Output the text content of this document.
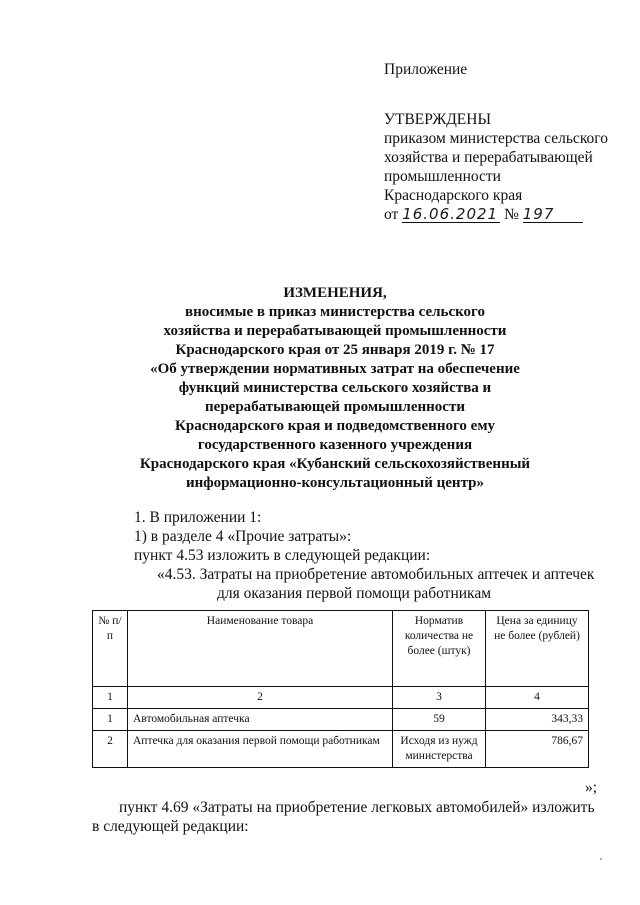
Приложение
УТВЕРЖДЕНЫ
приказом министерства сельского
хозяйства и перерабатывающей
промышленности
Краснодарского края
от 16.06.2021 № 197
ИЗМЕНЕНИЯ,
вносимые в приказ министерства сельского
хозяйства и перерабатывающей промышленности
Краснодарского края от 25 января 2019 г. № 17
«Об утверждении нормативных затрат на обеспечение
функций министерства сельского хозяйства и
перерабатывающей промышленности
Краснодарского края и подведомственного ему
государственного казенного учреждения
Краснодарского края «Кубанский сельскохозяйственный
информационно-консультационный центр»
1. В приложении 1:
1) в разделе 4 «Прочие затраты»:
пункт 4.53 изложить в следующей редакции:
«4.53. Затраты на приобретение автомобильных аптечек и аптечек
для оказания первой помощи работникам
№ п/п	Наименование товара	Норматив количества не более (штук)	Цена за единицу не более (рублей)
1	2	3	4
1	Автомобильная аптечка	59	343,33
2	Аптечка для оказания первой помощи работникам	Исходя из нужд министерства	786,67
»;
пункт 4.69 «Затраты на приобретение легковых автомобилей» изложить
в следующей редакции:
